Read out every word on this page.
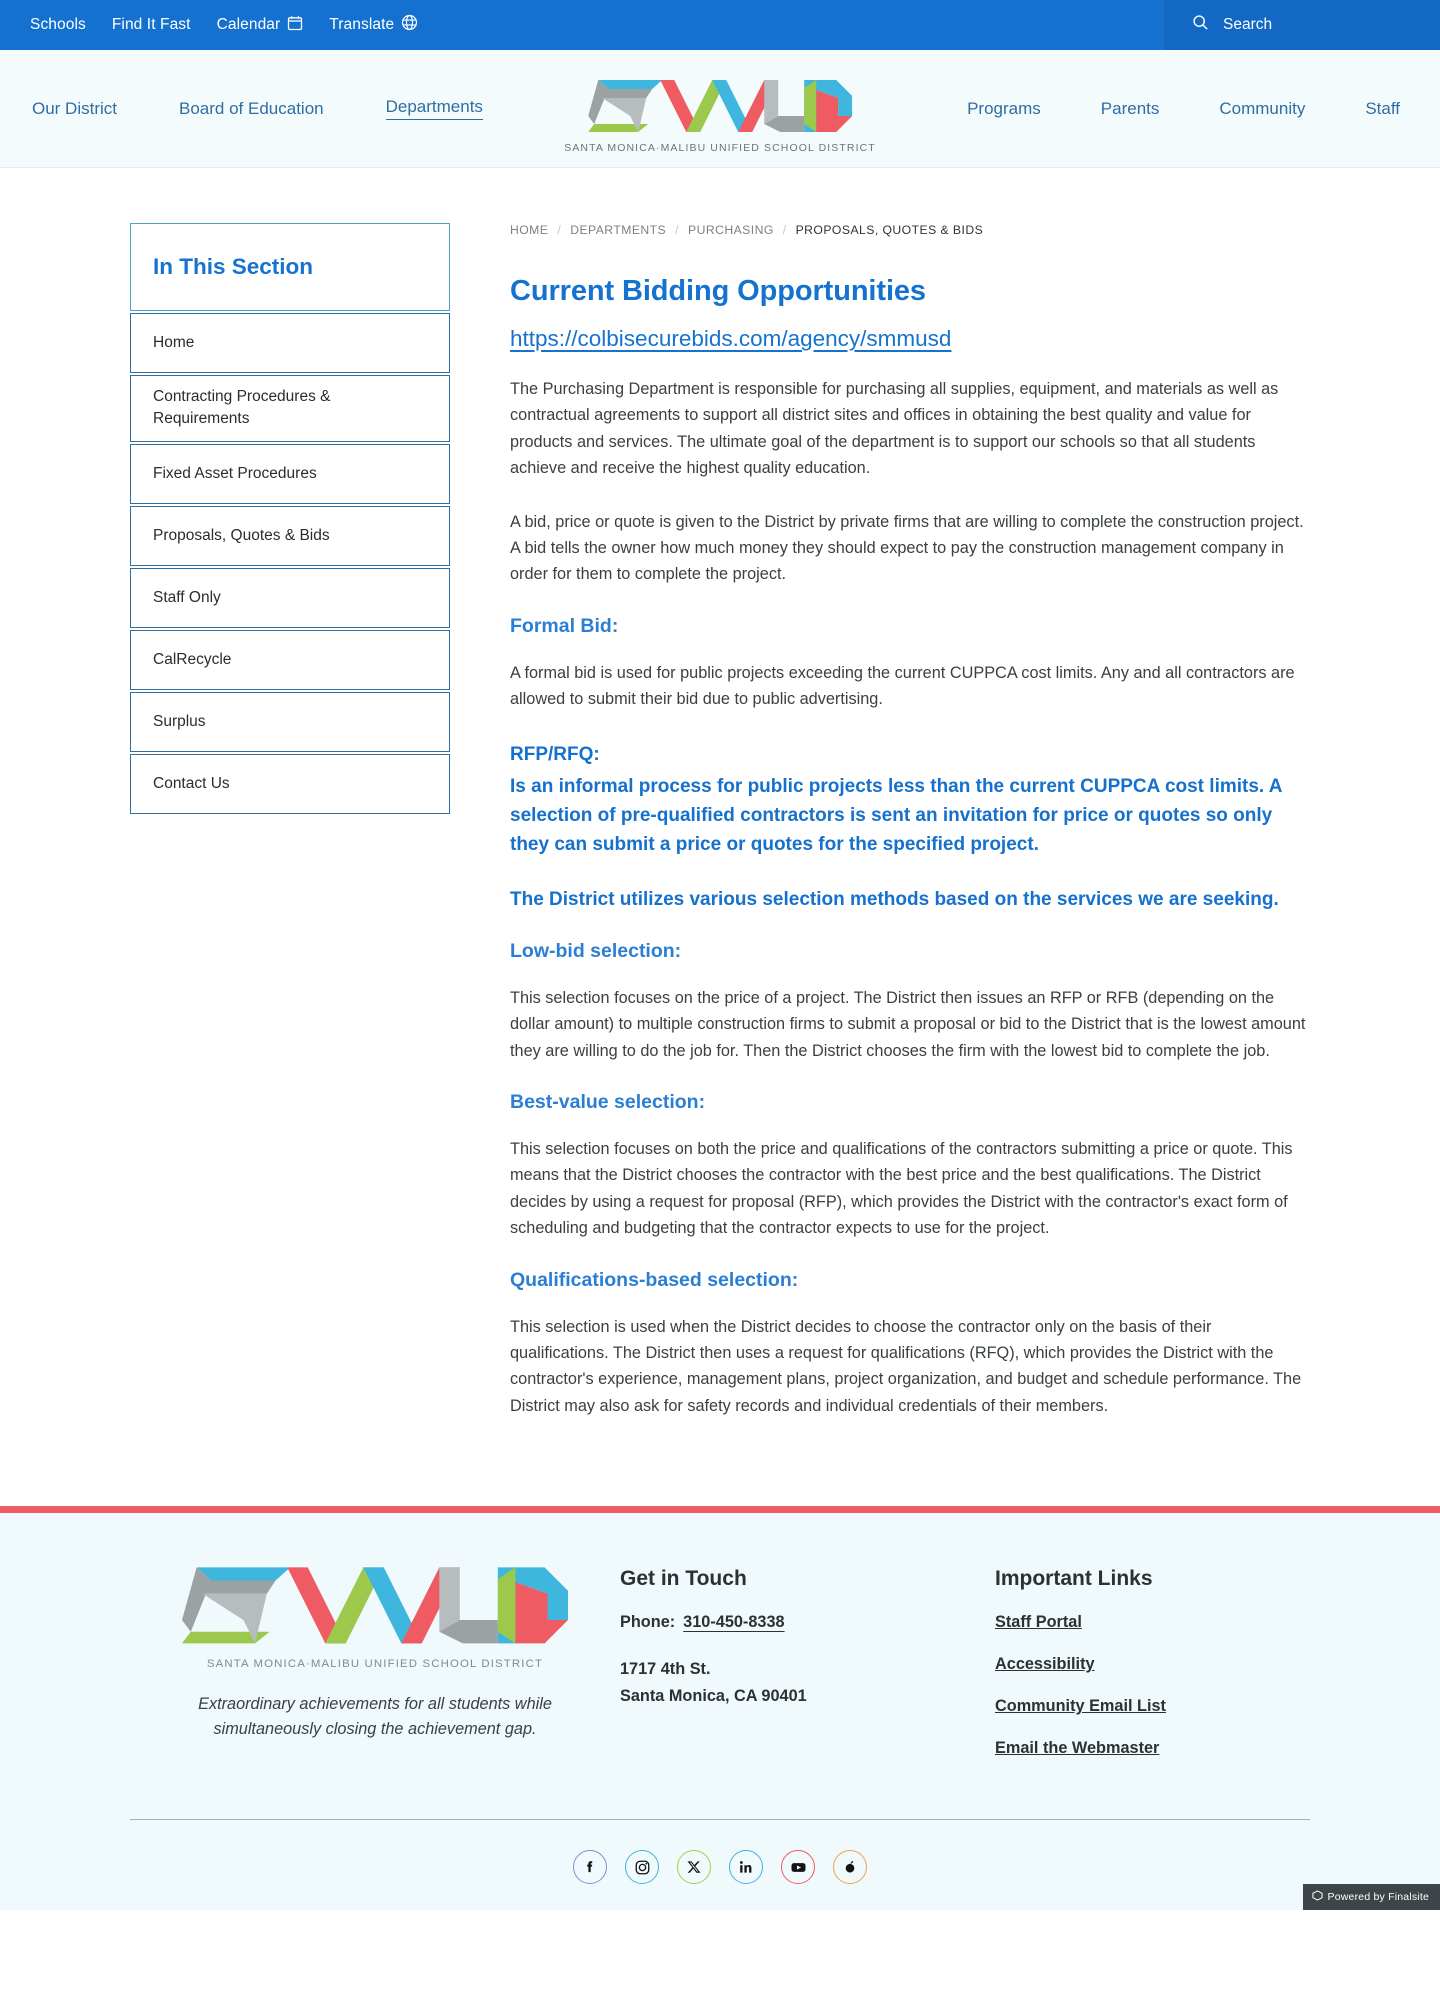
Schools Find It Fast Calendar	Translate	Search
Our District	Board of Education	Departments
SANTA MONICA·MALIBU UNIFIED SCHOOL DISTRICT
Programs	Parents	Community	Staff
In This Section
Home
Contracting Procedures & Requirements
Fixed Asset Procedures
Proposals, Quotes & Bids
Staff Only
CalRecycle
Surplus
Contact Us
HOME / DEPARTMENTS / PURCHASING / PROPOSALS, QUOTES & BIDS
Current Bidding Opportunities
https://colbisecurebids.com/agency/smmusd

The Purchasing Department is responsible for purchasing all supplies, equipment, and materials as well as contractual agreements to support all district sites and offices in obtaining the best quality and value for products and services. The ultimate goal of the department is to support our schools so that all students achieve and receive the highest quality education.

A bid, price or quote is given to the District by private firms that are willing to complete the construction project. A bid tells the owner how much money they should expect to pay the construction management company in order for them to complete the project.

Formal Bid:

A formal bid is used for public projects exceeding the current CUPPCA cost limits. Any and all contractors are allowed to submit their bid due to public advertising.

RFP/RFQ:

Is an informal process for public projects less than the current CUPPCA cost limits. A selection of pre-qualified contractors is sent an invitation for price or quotes so only they can submit a price or quotes for the specified project.

The District utilizes various selection methods based on the services we are seeking.

Low-bid selection:

This selection focuses on the price of a project. The District then issues an RFP or RFB (depending on the dollar amount) to multiple construction firms to submit a proposal or bid to the District that is the lowest amount they are willing to do the job for. Then the District chooses the firm with the lowest bid to complete the job.

Best-value selection:

This selection focuses on both the price and qualifications of the contractors submitting a price or quote. This means that the District chooses the contractor with the best price and the best qualifications. The District decides by using a request for proposal (RFP), which provides the District with the contractor's exact form of scheduling and budgeting that the contractor expects to use for the project.

Qualifications-based selection:

This selection is used when the District decides to choose the contractor only on the basis of their qualifications. The District then uses a request for qualifications (RFQ), which provides the District with the contractor's experience, management plans, project organization, and budget and schedule performance. The District may also ask for safety records and individual credentials of their members.

SANTA MONICA·MALIBU UNIFIED SCHOOL DISTRICT
Extraordinary achievements for all students while
simultaneously closing the achievement gap.
Get in Touch
Phone: 310-450-8338
1717 4th St.
Santa Monica, CA 90401
Important Links
Staff Portal
Accessibility
Community Email List
Email the Webmaster
Powered by Finalsite
